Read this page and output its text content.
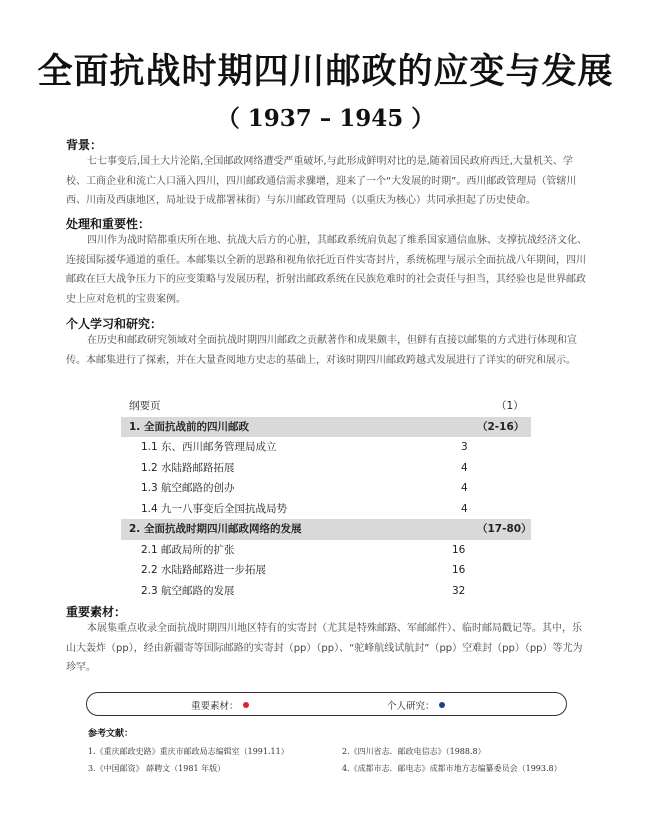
全面抗战时期四川邮政的应变与发展
（ 1937 – 1945 ）
背景：

七七事变后,国土大片沦陷,全国邮政网络遭受严重破坏,与此形成鲜明对比的是,随着国民政府西迁,大量机关、学校、工商企业和流亡人口涌入四川，四川邮政通信需求骤增，迎来了一个“大发展的时期”。西川邮政管理局（管辖川西、川南及西康地区，局址设于成都署袜街）与东川邮政管理局（以重庆为核心）共同承担起了历史使命。

处理和重要性：

四川作为战时陪都重庆所在地、抗战大后方的心脏，其邮政系统肩负起了维系国家通信血脉、支撑抗战经济文化、连接国际援华通道的重任。本邮集以全新的思路和视角依托近百件实寄封片，系统梳理与展示全面抗战八年期间，四川邮政在巨大战争压力下的应变策略与发展历程，折射出邮政系统在民族危难时的社会责任与担当，其经验也是世界邮政史上应对危机的宝贵案例。

个人学习和研究：

在历史和邮政研究领域对全面抗战时期四川邮政之贡献著作和成果颇丰，但鲜有直接以邮集的方式进行体现和宣传。本邮集进行了探索，并在大量查阅地方史志的基础上，对该时期四川邮政跨越式发展进行了详实的研究和展示。

纲要页	（1）
1. 全面抗战前的四川邮政	（2-16）
1.1 东、西川邮务管理局成立	3
1.2 水陆路邮路拓展	4
1.3 航空邮路的创办	4
1.4 九一八事变后全国抗战局势	4
2. 全面抗战时期四川邮政网络的发展	（17-80）
2.1 邮政局所的扩张	16
2.2 水陆路邮路进一步拓展	16
2.3 航空邮路的发展	32
重要素材：

本展集重点收录全面抗战时期四川地区特有的实寄封（尤其是特殊邮路、军邮邮件）、临时邮局戳记等。其中，乐山大轰炸（pp），经由新疆寄等国际邮路的实寄封（pp）（pp）、“驼峰航线试航封”（pp）空难封（pp）（pp）等尤为珍罕。

重要素材：	个人研究：
参考文献：
1.《重庆邮政史路》重庆市邮政局志编辑室（1991.11）	2.《四川省志．邮政电信志》（1988.8）
3.《中国邮资》 薛聘文（1981 年版）	4.《成都市志．邮电志》成都市地方志编纂委员会（1993.8）
